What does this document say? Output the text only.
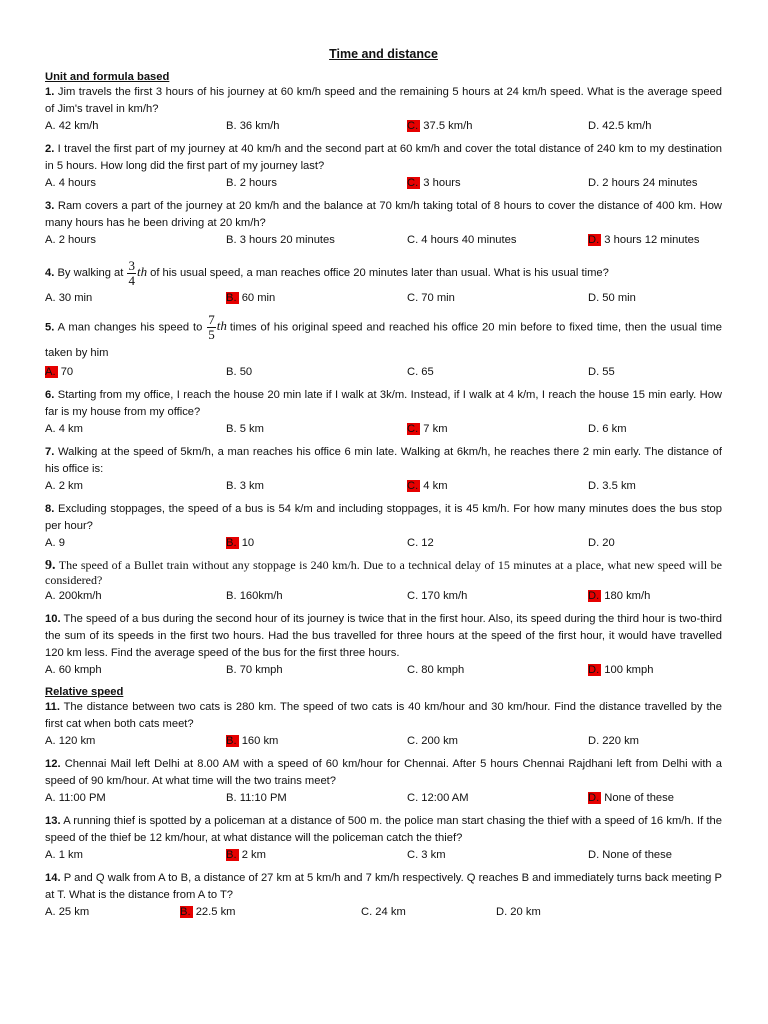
Time and distance
Unit and formula based

1. Jim travels the first 3 hours of his journey at 60 km/h speed and the remaining 5 hours at 24 km/h speed. What is the average speed of Jim's travel in km/h?

A. 42 km/h	B. 36 km/h	C. 37.5 km/h	D. 42.5 km/h

2. I travel the first part of my journey at 40 km/h and the second part at 60 km/h and cover the total distance of 240 km to my destination in 5 hours. How long did the first part of my journey last?

A. 4 hours	B. 2 hours	C. 3 hours	D. 2 hours 24 minutes

3. Ram covers a part of the journey at 20 km/h and the balance at 70 km/h taking total of 8 hours to cover the distance of 400 km. How many hours has he been driving at 20 km/h?

A. 2 hours	B. 3 hours 20 minutes	C. 4 hours 40 minutes	D. 3 hours 12 minutes

4. By walking at $\frac{3}{4}$ th of his usual speed, a man reaches office 20 minutes later than usual. What is his usual time?

A. 30 min	B. 60 min	C. 70 min	D. 50 min

5. A man changes his speed to $\frac{7}{5}$ th times of his original speed and reached his office 20 min before to fixed time, then the usual time taken by him

A. 70	B. 50	C. 65	D. 55

6. Starting from my office, I reach the house 20 min late if I walk at 3k/m. Instead, if I walk at 4 k/m, I reach the house 15 min early. How far is my house from my office?

A. 4 km	B. 5 km	C. 7 km	D. 6 km

7. Walking at the speed of 5km/h, a man reaches his office 6 min late. Walking at 6km/h, he reaches there 2 min early. The distance of his office is:

A. 2 km	B. 3 km	C. 4 km	D. 3.5 km

8. Excluding stoppages, the speed of a bus is 54 k/m and including stoppages, it is 45 km/h. For how many minutes does the bus stop per hour?

A. 9	B. 10	C. 12	D. 20

9. The speed of a Bullet train without any stoppage is 240 km/h. Due to a technical delay of 15 minutes at a place, what new speed will be considered?

A. 200km/h	B. 160km/h	C. 170 km/h	D. 180 km/h

10. The speed of a bus during the second hour of its journey is twice that in the first hour. Also, its speed during the third hour is two-third the sum of its speeds in the first two hours. Had the bus travelled for three hours at the speed of the first hour, it would have travelled 120 km less. Find the average speed of the bus for the first three hours.

A. 60 kmph	B. 70 kmph	C. 80 kmph	D. 100 kmph
Relative speed

11. The distance between two cats is 280 km. The speed of two cats is 40 km/hour and 30 km/hour. Find the distance travelled by the first cat when both cats meet?

A. 120 km	B. 160 km	C. 200 km	D. 220 km

12. Chennai Mail left Delhi at 8.00 AM with a speed of 60 km/hour for Chennai. After 5 hours Chennai Rajdhani left from Delhi with a speed of 90 km/hour. At what time will the two trains meet?

A. 11:00 PM	B. 11:10 PM	C. 12:00 AM	D. None of these

13. A running thief is spotted by a policeman at a distance of 500 m. the police man start chasing the thief with a speed of 16 km/h. If the speed of the thief be 12 km/hour, at what distance will the policeman catch the thief?

A. 1 km	B. 2 km	C. 3 km	D. None of these

14. P and Q walk from A to B, a distance of 27 km at 5 km/h and 7 km/h respectively. Q reaches B and immediately turns back meeting P at T. What is the distance from A to T?

A. 25 km	B. 22.5 km	C. 24 km	D. 20 km
